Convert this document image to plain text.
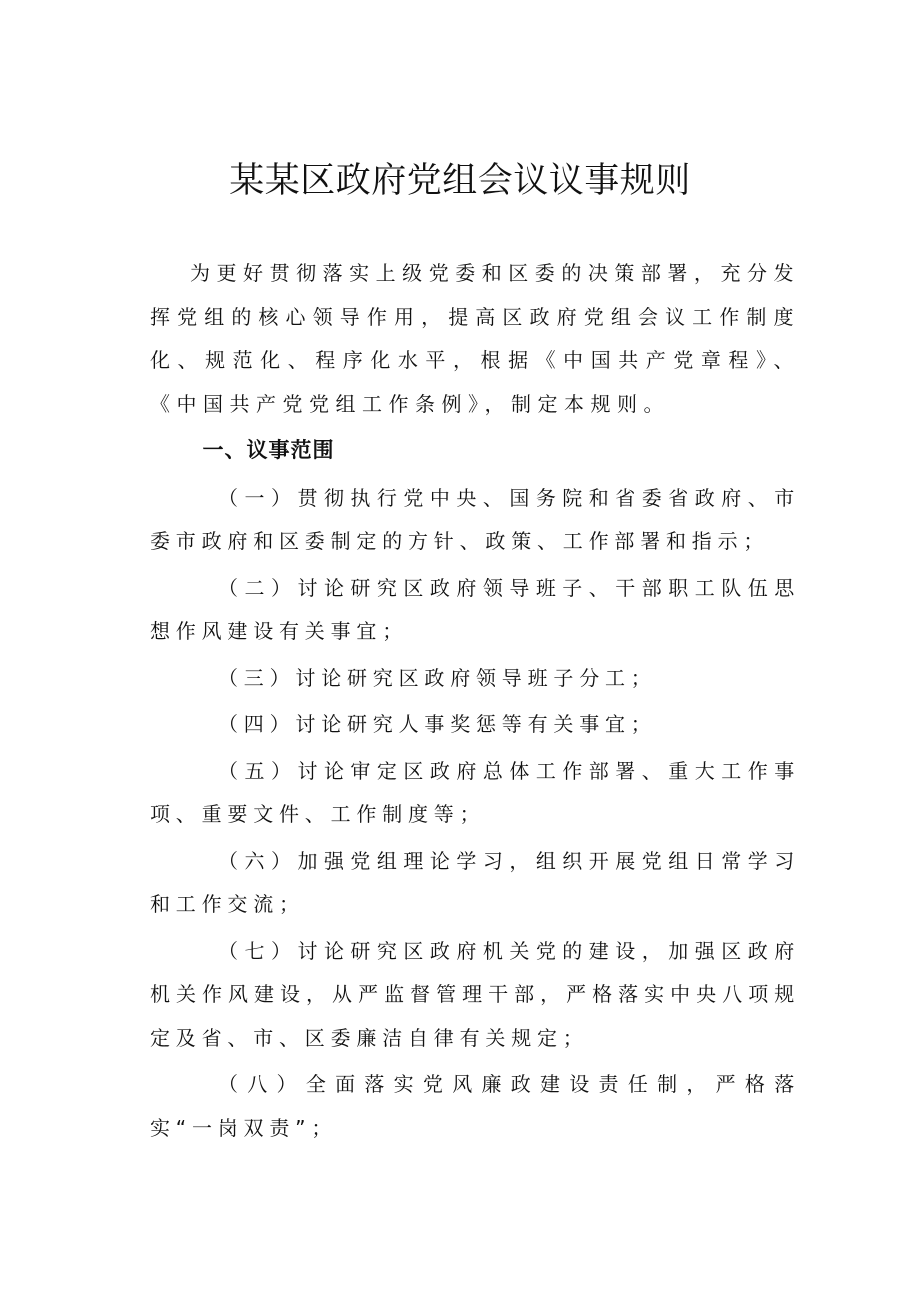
某某区政府党组会议议事规则

为更好贯彻落实上级党委和区委的决策部署，充分发挥党组的核心领导作用，提高区政府党组会议工作制度化、规范化、程序化水平，根据《中国共产党章程》、《中国共产党党组工作条例》，制定本规则。

一、议事范围

（一）贯彻执行党中央、国务院和省委省政府、市委市政府和区委制定的方针、政策、工作部署和指示；

（二）讨论研究区政府领导班子、干部职工队伍思想作风建设有关事宜；

（三）讨论研究区政府领导班子分工；

（四）讨论研究人事奖惩等有关事宜；

（五）讨论审定区政府总体工作部署、重大工作事项、重要文件、工作制度等；

（六）加强党组理论学习，组织开展党组日常学习和工作交流；

（七）讨论研究区政府机关党的建设，加强区政府机关作风建设，从严监督管理干部，严格落实中央八项规定及省、市、区委廉洁自律有关规定；

（八）全面落实党风廉政建设责任制，严格落实“一岗双责”；
